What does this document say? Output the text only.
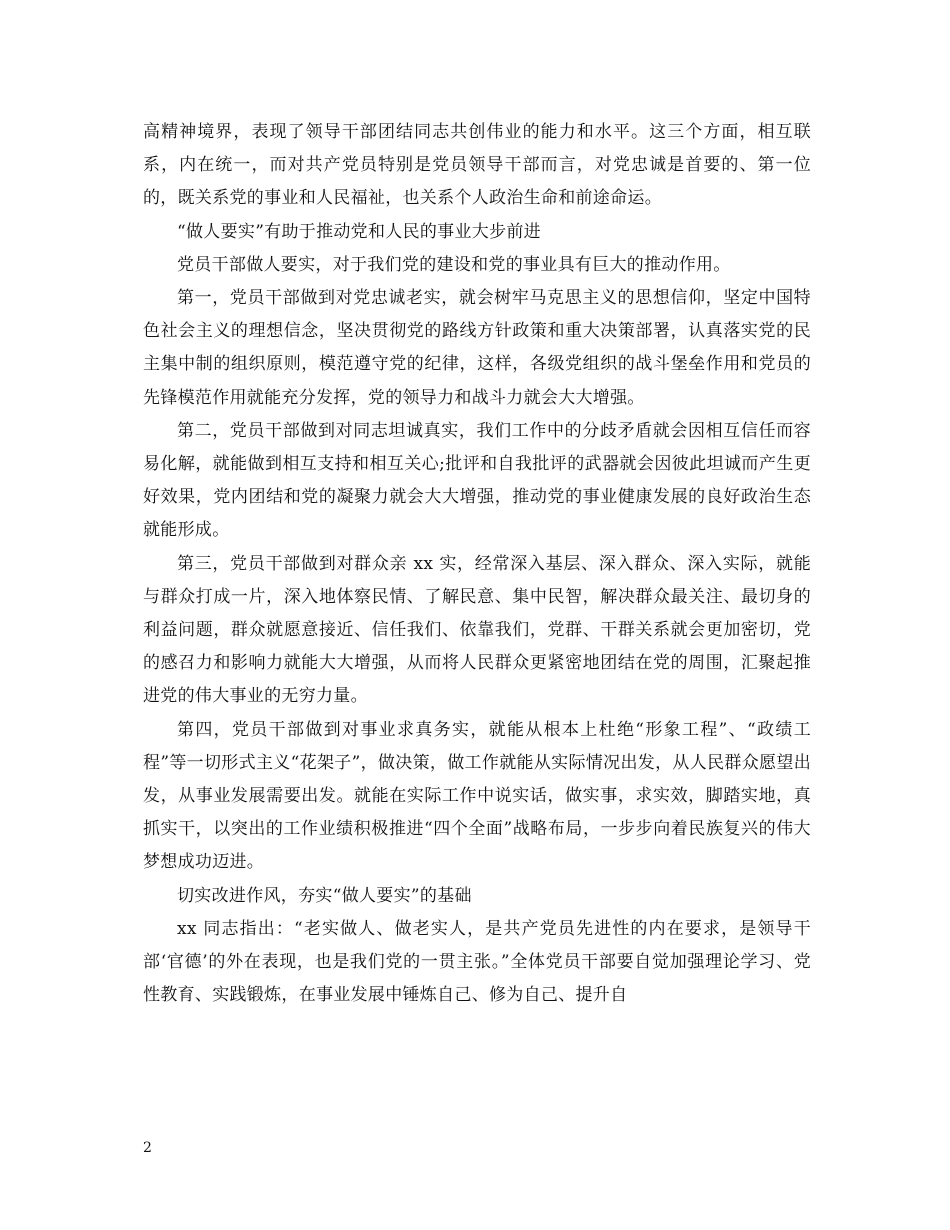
高精神境界，表现了领导干部团结同志共创伟业的能力和水平。这三个方面，相互联系，内在统一，而对共产党员特别是党员领导干部而言，对党忠诚是首要的、第一位的，既关系党的事业和人民福祉，也关系个人政治生命和前途命运。

“做人要实”有助于推动党和人民的事业大步前进

党员干部做人要实，对于我们党的建设和党的事业具有巨大的推动作用。

第一，党员干部做到对党忠诚老实，就会树牢马克思主义的思想信仰，坚定中国特色社会主义的理想信念，坚决贯彻党的路线方针政策和重大决策部署，认真落实党的民主集中制的组织原则，模范遵守党的纪律，这样，各级党组织的战斗堡垒作用和党员的先锋模范作用就能充分发挥，党的领导力和战斗力就会大大增强。

第二，党员干部做到对同志坦诚真实，我们工作中的分歧矛盾就会因相互信任而容易化解，就能做到相互支持和相互关心;批评和自我批评的武器就会因彼此坦诚而产生更好效果，党内团结和党的凝聚力就会大大增强，推动党的事业健康发展的良好政治生态就能形成。

第三，党员干部做到对群众亲 xx 实，经常深入基层、深入群众、深入实际，就能与群众打成一片，深入地体察民情、了解民意、集中民智，解决群众最关注、最切身的利益问题，群众就愿意接近、信任我们、依靠我们，党群、干群关系就会更加密切，党的感召力和影响力就能大大增强，从而将人民群众更紧密地团结在党的周围，汇聚起推进党的伟大事业的无穷力量。

第四，党员干部做到对事业求真务实，就能从根本上杜绝“形象工程”、“政绩工程”等一切形式主义“花架子”，做决策，做工作就能从实际情况出发，从人民群众愿望出发，从事业发展需要出发。就能在实际工作中说实话，做实事，求实效，脚踏实地，真抓实干，以突出的工作业绩积极推进“四个全面”战略布局，一步步向着民族复兴的伟大梦想成功迈进。

切实改进作风，夯实“做人要实”的基础

xx 同志指出：“老实做人、做老实人，是共产党员先进性的内在要求，是领导干部‘官德’的外在表现，也是我们党的一贯主张。”全体党员干部要自觉加强理论学习、党性教育、实践锻炼，在事业发展中锤炼自己、修为自己、提升自

2
